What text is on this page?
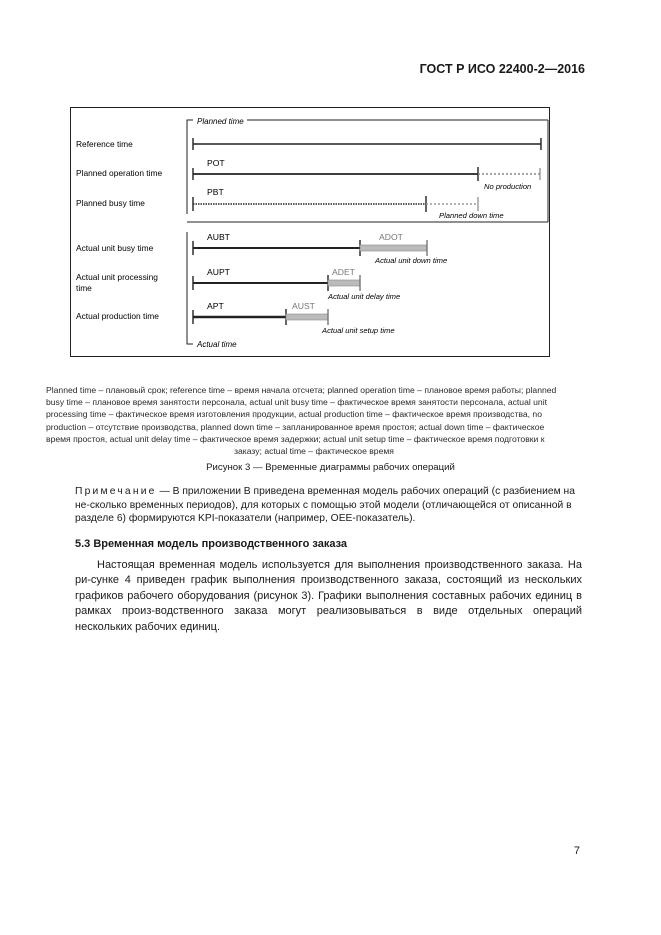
ГОСТ Р ИСО 22400-2—2016
Planned time
Actual time
Reference time
Planned operation time
Planned busy time
Actual unit busy time
Actual unit processing
time
Actual production time
POT
No production
PBT
Planned down time
AUBT	ADOT
Actual unit down time
AUPT	ADET
Actual unit delay time
APT	AUST
Actual unit setup time
Planned time – плановый срок; reference time – время начала отсчета; planned operation time – плановое время работы; planned
busy time – плановое время занятости персонала, actual unit busy time – фактическое время занятости персонала, actual unit
processing time – фактическое время изготовления продукции, actual production time – фактическое время производства, no
production – отсутствие производства, planned down time – запланированное время простоя; actual down time – фактическое
время простоя, actual unit delay time – фактическое время задержки; actual unit setup time – фактическое время подготовки к
заказу; actual time – фактическое время
Рисунок 3 — Временные диаграммы рабочих операций
Примечание — В приложении В приведена временная модель рабочих операций (с разбиением на не-сколько временных периодов), для которых с помощью этой модели (отличающейся от описанной в разделе 6) формируются KPI-показатели (например, OEE-показатель).
5.3 Временная модель производственного заказа
Настоящая временная модель используется для выполнения производственного заказа. На ри-сунке 4 приведен график выполнения производственного заказа, состоящий из нескольких графиков рабочего оборудования (рисунок 3). Графики выполнения составных рабочих единиц в рамках произ-водственного заказа могут реализовываться в виде отдельных операций нескольких рабочих единиц.
7
